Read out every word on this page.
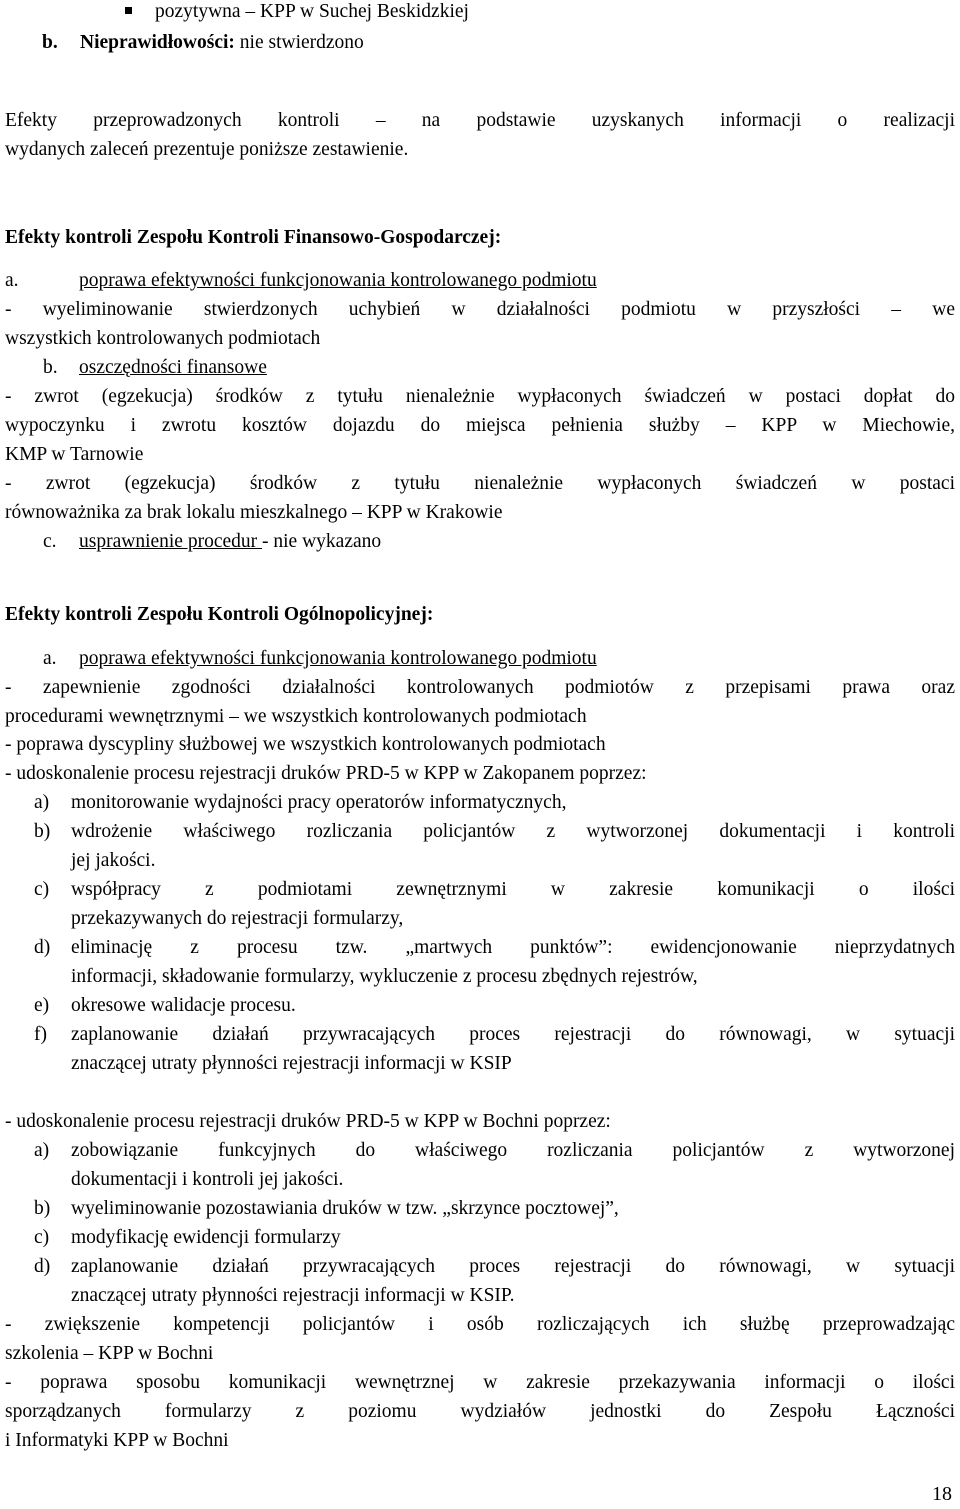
pozytywna – KPP w Suchej Beskidzkiej
b. Nieprawidłowości: nie stwierdzono
Efekty przeprowadzonych kontroli – na podstawie uzyskanych informacji o realizacji
wydanych zaleceń prezentuje poniższe zestawienie.
Efekty kontroli Zespołu Kontroli Finansowo-Gospodarczej:
a.	poprawa efektywności funkcjonowania kontrolowanego podmiotu
- wyeliminowanie stwierdzonych uchybień w działalności podmiotu w przyszłości – we
wszystkich kontrolowanych podmiotach
b. oszczędności finansowe
- zwrot (egzekucja) środków z tytułu nienależnie wypłaconych świadczeń w postaci dopłat do
wypoczynku i zwrotu kosztów dojazdu do miejsca pełnienia służby – KPP w Miechowie,
KMP w Tarnowie
- zwrot (egzekucja) środków z tytułu nienależnie wypłaconych świadczeń w postaci
równoważnika za brak lokalu mieszkalnego – KPP w Krakowie
c. usprawnienie procedur - nie wykazano
Efekty kontroli Zespołu Kontroli Ogólnopolicyjnej:
a. poprawa efektywności funkcjonowania kontrolowanego podmiotu
- zapewnienie zgodności działalności kontrolowanych podmiotów z przepisami prawa oraz
procedurami wewnętrznymi – we wszystkich kontrolowanych podmiotach
- poprawa dyscypliny służbowej we wszystkich kontrolowanych podmiotach
- udoskonalenie procesu rejestracji druków PRD-5 w KPP w Zakopanem poprzez:
a) monitorowanie wydajności pracy operatorów informatycznych,
b)	wdrożenie właściwego rozliczania policjantów z wytworzonej dokumentacji i kontroli
jej jakości.
c)	współpracy z podmiotami zewnętrznymi w zakresie komunikacji o ilości
przekazywanych do rejestracji formularzy,
d)	eliminację z procesu tzw. „martwych punktów”: ewidencjonowanie nieprzydatnych
informacji, składowanie formularzy, wykluczenie z procesu zbędnych rejestrów,
e) okresowe walidacje procesu.
f)	zaplanowanie działań przywracających proces rejestracji do równowagi, w sytuacji
znaczącej utraty płynności rejestracji informacji w KSIP
- udoskonalenie procesu rejestracji druków PRD-5 w KPP w Bochni poprzez:
a)	zobowiązanie funkcyjnych do właściwego rozliczania policjantów z wytworzonej
dokumentacji i kontroli jej jakości.
b) wyeliminowanie pozostawiania druków w tzw. „skrzynce pocztowej”,
c) modyfikację ewidencji formularzy
d)	zaplanowanie działań przywracających proces rejestracji do równowagi, w sytuacji
znaczącej utraty płynności rejestracji informacji w KSIP.
- zwiększenie kompetencji policjantów i osób rozliczających ich służbę przeprowadzając
szkolenia – KPP w Bochni
- poprawa sposobu komunikacji wewnętrznej w zakresie przekazywania informacji o ilości
sporządzanych formularzy z poziomu wydziałów jednostki do Zespołu Łączności
i Informatyki KPP w Bochni
18
